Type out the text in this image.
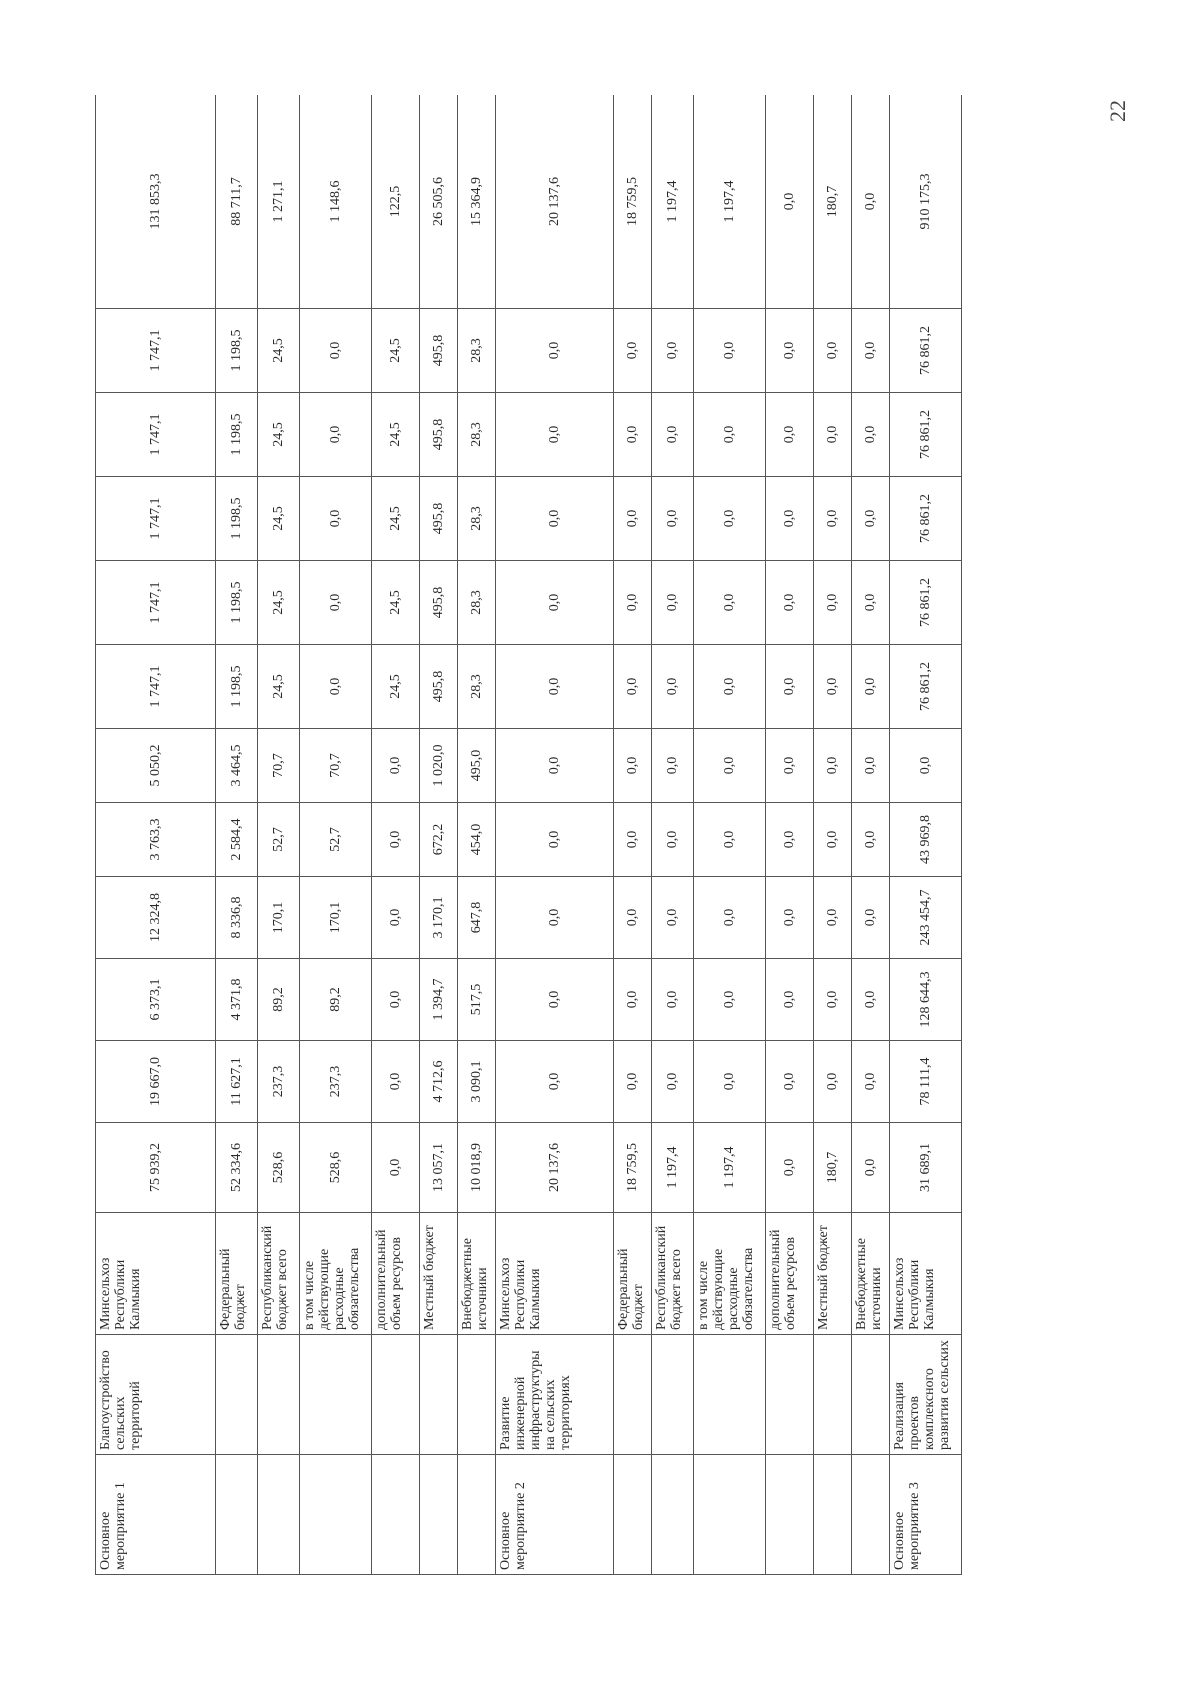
Основное мероприятие 1	Благоустройство сельских территорий	Минсельхоз Республики Калмыкия	75 939,2	19 667,0	6 373,1	12 324,8	3 763,3	5 050,2	1 747,1	1 747,1	1 747,1	1 747,1	1 747,1	131 853,3
		Федеральный бюджет	52 334,6	11 627,1	4 371,8	8 336,8	2 584,4	3 464,5	1 198,5	1 198,5	1 198,5	1 198,5	1 198,5	88 711,7
		Республиканский бюджет всего	528,6	237,3	89,2	170,1	52,7	70,7	24,5	24,5	24,5	24,5	24,5	1 271,1
		в том числе действующие расходные обязательства	528,6	237,3	89,2	170,1	52,7	70,7	0,0	0,0	0,0	0,0	0,0	1 148,6
		дополнительный объем ресурсов	0,0	0,0	0,0	0,0	0,0	0,0	24,5	24,5	24,5	24,5	24,5	122,5
		Местный бюджет	13 057,1	4 712,6	1 394,7	3 170,1	672,2	1 020,0	495,8	495,8	495,8	495,8	495,8	26 505,6
		Внебюджетные источники	10 018,9	3 090,1	517,5	647,8	454,0	495,0	28,3	28,3	28,3	28,3	28,3	15 364,9
Основное мероприятие 2	Развитие инженерной инфраструктуры на сельских территориях	Минсельхоз Республики Калмыкия	20 137,6	0,0	0,0	0,0	0,0	0,0	0,0	0,0	0,0	0,0	0,0	20 137,6
		Федеральный бюджет	18 759,5	0,0	0,0	0,0	0,0	0,0	0,0	0,0	0,0	0,0	0,0	18 759,5
		Республиканский бюджет всего	1 197,4	0,0	0,0	0,0	0,0	0,0	0,0	0,0	0,0	0,0	0,0	1 197,4
		в том числе действующие расходные обязательства	1 197,4	0,0	0,0	0,0	0,0	0,0	0,0	0,0	0,0	0,0	0,0	1 197,4
		дополнительный объем ресурсов	0,0	0,0	0,0	0,0	0,0	0,0	0,0	0,0	0,0	0,0	0,0	0,0
		Местный бюджет	180,7	0,0	0,0	0,0	0,0	0,0	0,0	0,0	0,0	0,0	0,0	180,7
		Внебюджетные источники	0,0	0,0	0,0	0,0	0,0	0,0	0,0	0,0	0,0	0,0	0,0	0,0
Основное мероприятие 3	Реализация проектов комплексного развития сельских	Минсельхоз Республики Калмыкия	31 689,1	78 111,4	128 644,3	243 454,7	43 969,8	0,0	76 861,2	76 861,2	76 861,2	76 861,2	76 861,2	910 175,3
22
